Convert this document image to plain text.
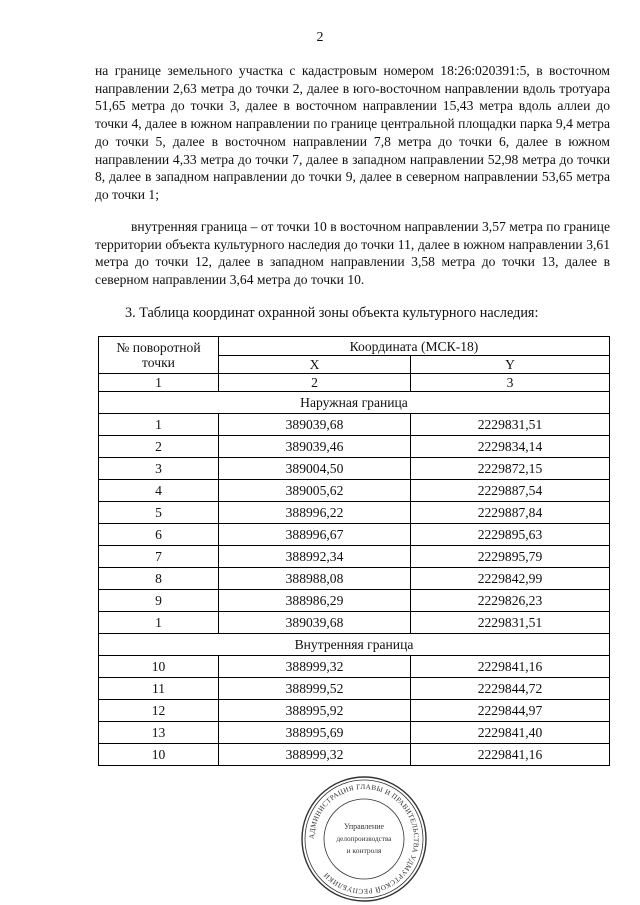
2

на границе земельного участка с кадастровым номером 18:26:020391:5, в восточном направлении 2,63 метра до точки 2, далее в юго-восточном направлении вдоль тротуара 51,65 метра до точки 3, далее в восточном направлении 15,43 метра вдоль аллеи до точки 4, далее в южном направлении по границе центральной площадки парка 9,4 метра до точки 5, далее в восточном направлении 7,8 метра до точки 6, далее в южном направлении 4,33 метра до точки 7, далее в западном направлении 52,98 метра до точки 8, далее в западном направлении до точки 9, далее в северном направлении 53,65 метра до точки 1;

внутренняя граница – от точки 10 в восточном направлении 3,57 метра по границе территории объекта культурного наследия до точки 11, далее в южном направлении 3,61 метра до точки 12, далее в западном направлении 3,58 метра до точки 13, далее в северном направлении 3,64 метра до точки 10.

3. Таблица координат охранной зоны объекта культурного наследия:

№ поворотной точки	Координата (МСК-18)	
	X	Y
1	2	3
Наружная граница		
1	389039,68	2229831,51
2	389039,46	2229834,14
3	389004,50	2229872,15
4	389005,62	2229887,54
5	388996,22	2229887,84
6	388996,67	2229895,63
7	388992,34	2229895,79
8	388988,08	2229842,99
9	388986,29	2229826,23
1	389039,68	2229831,51
Внутренняя граница		
10	388999,32	2229841,16
11	388999,52	2229844,72
12	388995,92	2229844,97
13	388995,69	2229841,40
10	388999,32	2229841,16
АДМИНИСТРАЦИЯ ГЛАВЫ И ПРАВИТЕЛЬСТВА УДМУРТСКОЙ РЕСПУБЛИКИ
Управление
делопроизводства
и контроля
